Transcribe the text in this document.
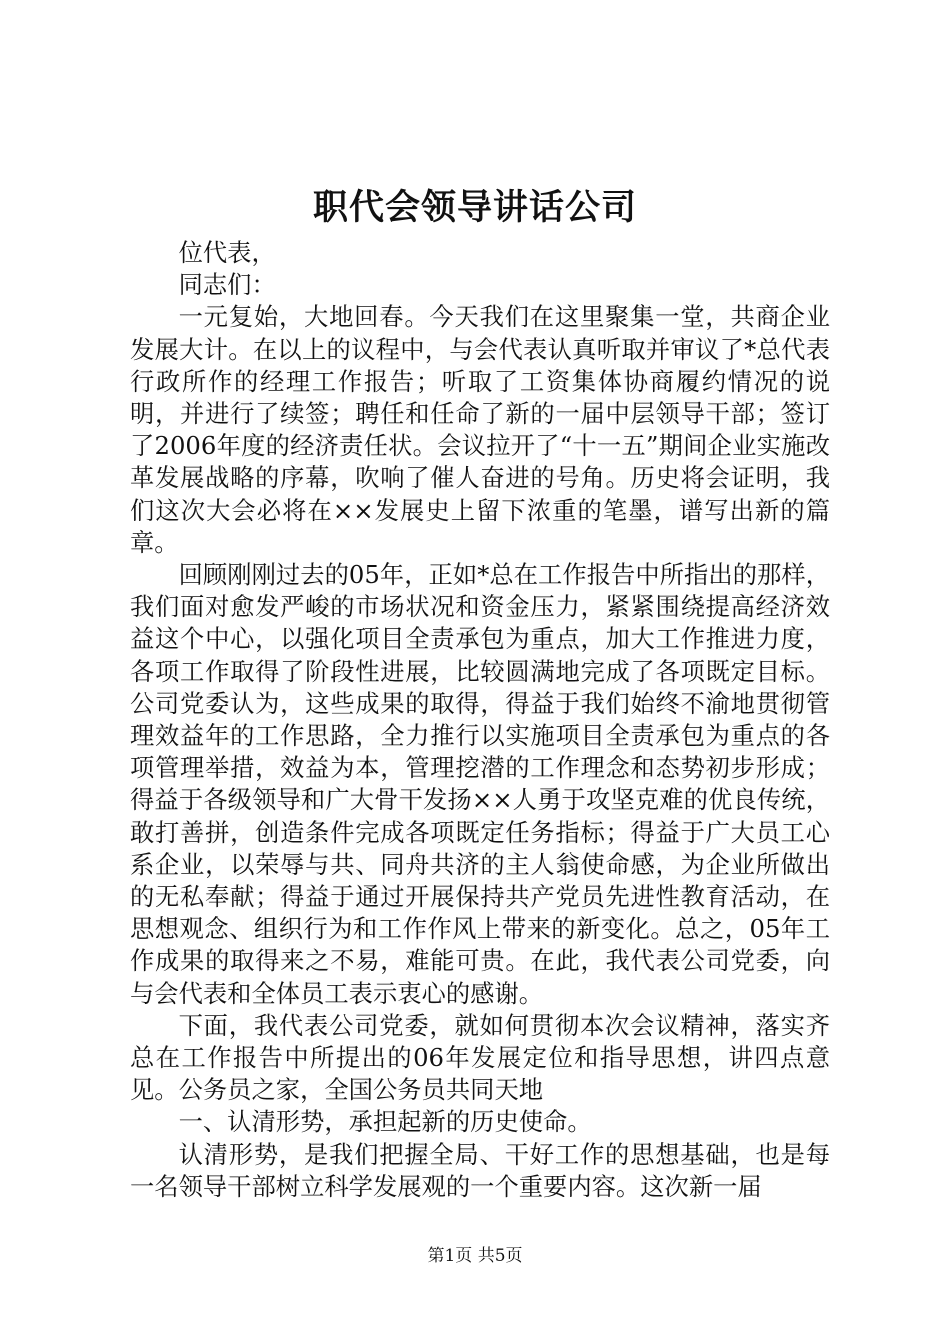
职代会领导讲话公司

位代表，

同志们：

一元复始，大地回春。今天我们在这里聚集一堂，共商企业发展大计。在以上的议程中，与会代表认真听取并审议了*总代表行政所作的经理工作报告；听取了工资集体协商履约情况的说明，并进行了续签；聘任和任命了新的一届中层领导干部；签订了2006年度的经济责任状。会议拉开了“十一五”期间企业实施改革发展战略的序幕，吹响了催人奋进的号角。历史将会证明，我们这次大会必将在××发展史上留下浓重的笔墨，谱写出新的篇章。

回顾刚刚过去的05年，正如*总在工作报告中所指出的那样，我们面对愈发严峻的市场状况和资金压力，紧紧围绕提高经济效益这个中心，以强化项目全责承包为重点，加大工作推进力度，各项工作取得了阶段性进展，比较圆满地完成了各项既定目标。公司党委认为，这些成果的取得，得益于我们始终不渝地贯彻管理效益年的工作思路，全力推行以实施项目全责承包为重点的各项管理举措，效益为本，管理挖潜的工作理念和态势初步形成；得益于各级领导和广大骨干发扬××人勇于攻坚克难的优良传统，敢打善拼，创造条件完成各项既定任务指标；得益于广大员工心系企业，以荣辱与共、同舟共济的主人翁使命感，为企业所做出的无私奉献；得益于通过开展保持共产党员先进性教育活动，在思想观念、组织行为和工作作风上带来的新变化。总之，05年工作成果的取得来之不易，难能可贵。在此，我代表公司党委，向与会代表和全体员工表示衷心的感谢。

下面，我代表公司党委，就如何贯彻本次会议精神，落实齐总在工作报告中所提出的06年发展定位和指导思想，讲四点意见。公务员之家，全国公务员共同天地

一、认清形势，承担起新的历史使命。

认清形势，是我们把握全局、干好工作的思想基础，也是每一名领导干部树立科学发展观的一个重要内容。这次新一届

第1页 共5页
